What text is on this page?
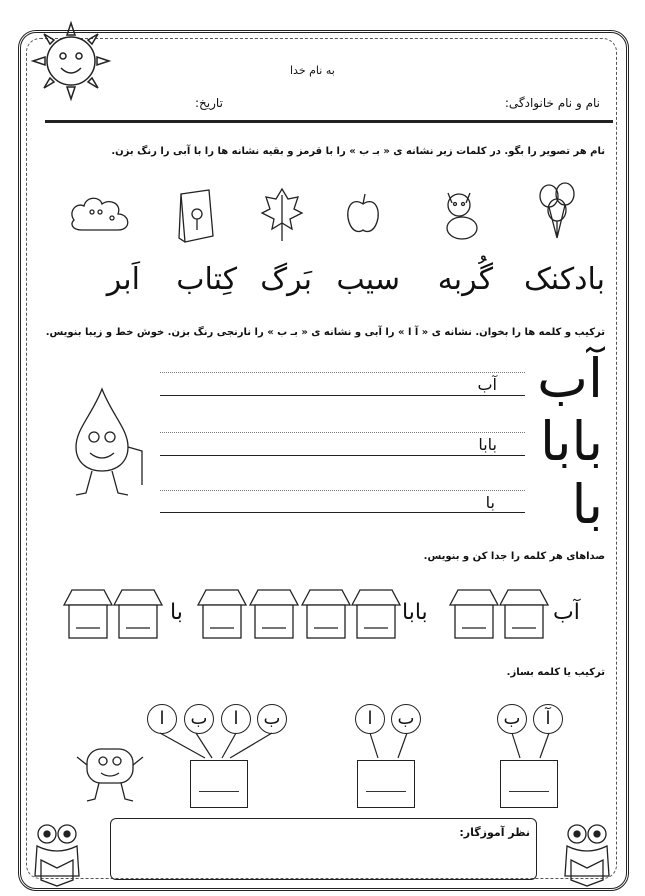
به نام خدا
نام و نام خانوادگی:
تاریخ:
نام هر تصویر را بگو. در کلمات زیر نشانه ی « بـ ب » را با قرمز و بقیه نشانه ها را با آبی را رنگ بزن.
بادکنک
گُربه
سیب
بَرگ
کِتاب
اَبر
ترکیب و کلمه ها را بخوان. نشانه ی « آ ا » را آبی و نشانه ی « بـ ب » را نارنجی رنگ بزن. خوش خط و زیبا بنویس.
آب
بابا
با
آب
بابا
با
صداهای هر کلمه را جدا کن و بنویس.
آب
بابا
با
ترکیب یا کلمه بساز.
آ
ب
ب
ا
ب
ا
ب
ا
نظر آموزگار:
